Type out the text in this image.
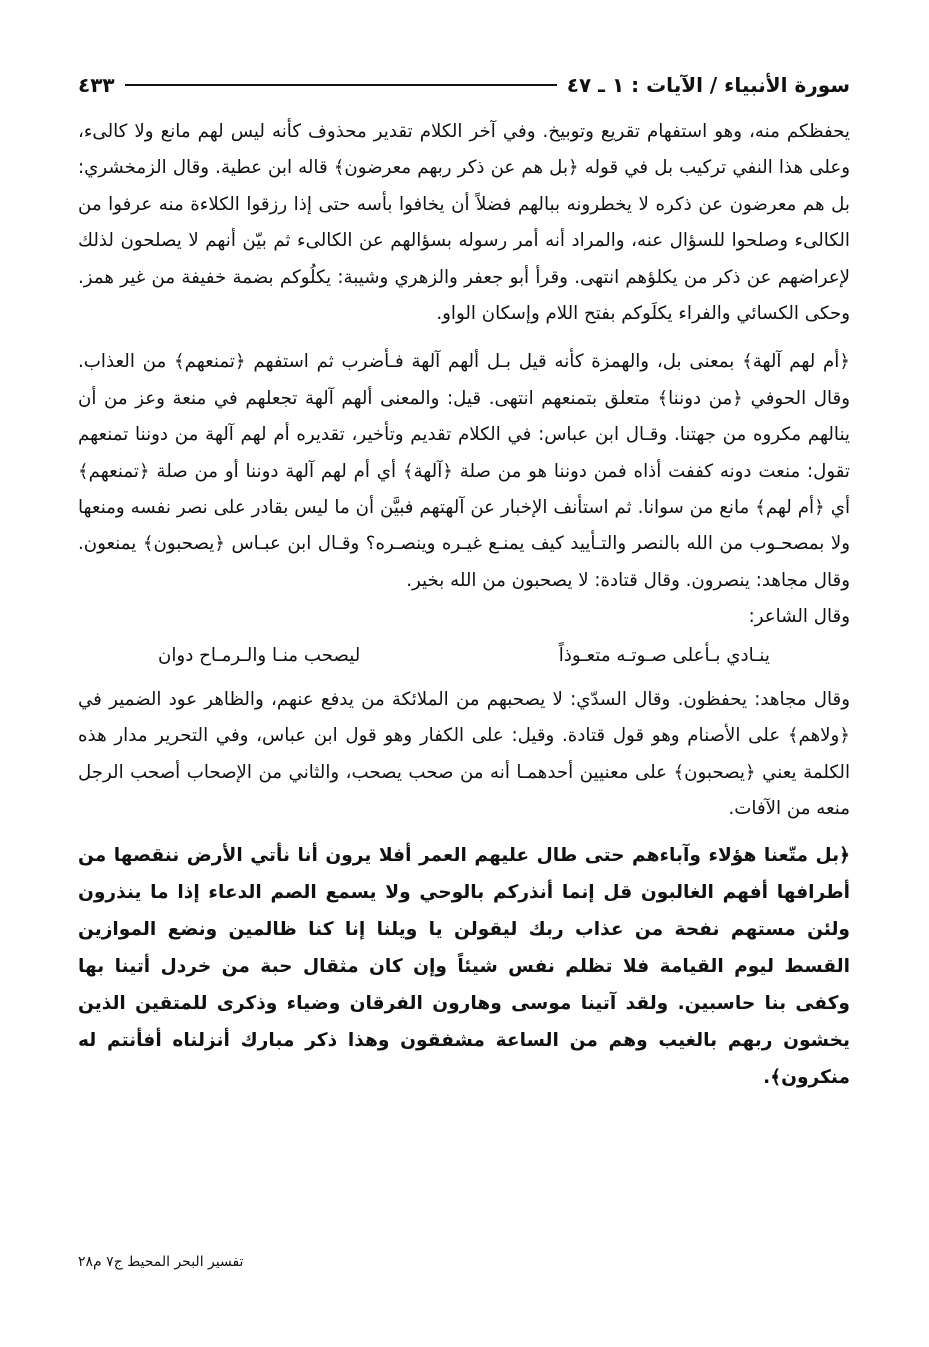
سورة الأنبياء / الآيات : ١ ـ ٤٧
٤٣٣

يحفظكم منه، وهو استفهام تقريع وتوبيخ. وفي آخر الكلام تقدير محذوف كأنه ليس لهم مانع ولا كالىء، وعلى هذا النفي تركيب بل في قوله ﴿بل هم عن ذكر ربهم معرضون﴾ قاله ابن عطية. وقال الزمخشري: بل هم معرضون عن ذكره لا يخطرونه ببالهم فضلاً أن يخافوا بأسه حتى إذا رزقوا الكلاءة منه عرفوا من الكالىء وصلحوا للسؤال عنه، والمراد أنه أمر رسوله بسؤالهم عن الكالىء ثم بيّن أنهم لا يصلحون لذلك لإعراضهم عن ذكر من يكلؤهم انتهى. وقرأ أبو جعفر والزهري وشيبة: يكلُوكم بضمة خفيفة من غير همز. وحكى الكسائي والفراء يكلَوكم بفتح اللام وإسكان الواو.

﴿أم لهم آلهة﴾ بمعنى بل، والهمزة كأنه قيل بـل ألهم آلهة فـأضرب ثم استفهم ﴿تمنعهم﴾ من العذاب. وقال الحوفي ﴿من دوننا﴾ متعلق بتمنعهم انتهى. قيل: والمعنى ألهم آلهة تجعلهم في منعة وعز من أن ينالهم مكروه من جهتنا. وقـال ابن عباس: في الكلام تقديم وتأخير، تقديره أم لهم آلهة من دوننا تمنعهم تقول: منعت دونه كففت أذاه فمن دوننا هو من صلة ﴿آلهة﴾ أي أم لهم آلهة دوننا أو من صلة ﴿تمنعهم﴾ أي ﴿أم لهم﴾ مانع من سوانا. ثم استأنف الإخبار عن آلهتهم فبيَّن أن ما ليس بقادر على نصر نفسه ومنعها ولا بمصحـوب من الله بالنصر والتـأييد كيف يمنـع غيـره وينصـره؟ وقـال ابن عبـاس ﴿يصحبون﴾ يمنعون. وقال مجاهد: ينصرون. وقال قتادة: لا يصحبون من الله بخير.

وقال الشاعر:

ينـادي بـأعلى صـوتـه متعـوذاً
ليصحب منـا والـرمـاح دوان

وقال مجاهد: يحفظون. وقال السدّي: لا يصحبهم من الملائكة من يدفع عنهم، والظاهر عود الضمير في ﴿ولاهم﴾ على الأصنام وهو قول قتادة. وقيل: على الكفار وهو قول ابن عباس، وفي التحرير مدار هذه الكلمة يعني ﴿يصحبون﴾ على معنيين أحدهمـا أنه من صحب يصحب، والثاني من الإصحاب أصحب الرجل منعه من الآفات.

﴿بل متّعنا هؤلاء وآباءهم حتى طال عليهم العمر أفلا يرون أنا نأتي الأرض ننقصها من أطرافها أفهم الغالبون قل إنما أنذركم بالوحي ولا يسمع الصم الدعاء إذا ما ينذرون ولئن مستهم نفحة من عذاب ربك ليقولن يا ويلنا إنا كنا ظالمين ونضع الموازين القسط ليوم القيامة فلا تظلم نفس شيئاً وإن كان مثقال حبة من خردل أتينا بها وكفى بنا حاسبين. ولقد آتينا موسى وهارون الفرقان وضياء وذكرى للمتقين الذين يخشون ربهم بالغيب وهم من الساعة مشفقون وهذا ذكر مبارك أنزلناه أفأنتم له منكرون﴾.

تفسير البحر المحيط ج٧ م٢٨
